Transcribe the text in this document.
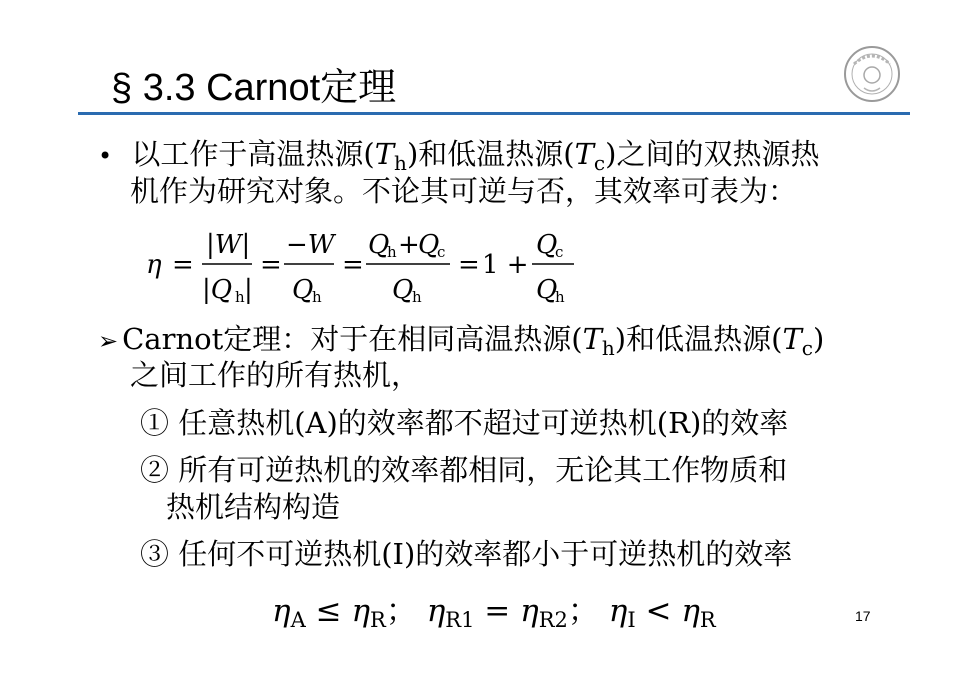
§ 3.3 Carnot定理
• 以工作于高温热源$(T_h)$和低温热源$(T_c)$之间的双热源热
机作为研究对象。不论其可逆与否，其效率可表为：
η =
|W|
|Q h |
=
−W
Q
h
=
Q
h +
Q
c
Q
h
= 1 +
Q
c
Q
h
➢ Carnot定理：对于在相同高温热源$(T_h)$和低温热源$(T_c)$
之间工作的所有热机，
① 任意热机(A)的效率都不超过可逆热机(R)的效率
② 所有可逆热机的效率都相同，无论其工作物质和
热机结构构造
③ 任何不可逆热机(I)的效率都小于可逆热机的效率
$\eta_A \le \eta_R$； $\eta_{R1} = \eta_{R2}$； $\eta_I < \eta_R$	17
